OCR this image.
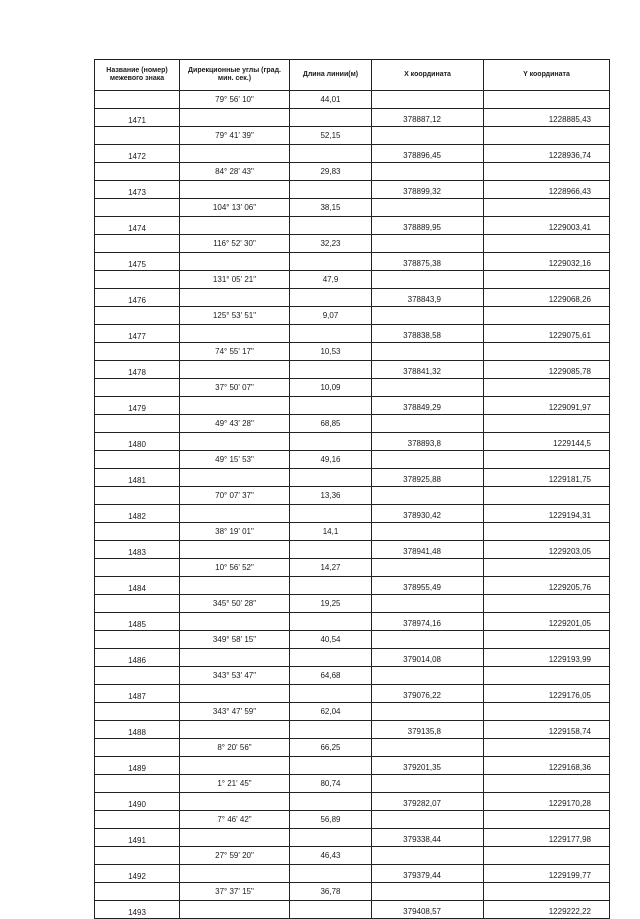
Название (номер) межевого знака	Дирекционные углы (град. мин. сек.)	Длина линии(м)	X координата	Y координата
	79° 56' 10"	44,01		
1471			378887,12	1228885,43
	79° 41' 39"	52,15		
1472			378896,45	1228936,74
	84° 28' 43"	29,83		
1473			378899,32	1228966,43
	104° 13' 06"	38,15		
1474			378889,95	1229003,41
	116° 52' 30"	32,23		
1475			378875,38	1229032,16
	131° 05' 21"	47,9		
1476			378843,9	1229068,26
	125° 53' 51"	9,07		
1477			378838,58	1229075,61
	74° 55' 17"	10,53		
1478			378841,32	1229085,78
	37° 50' 07"	10,09		
1479			378849,29	1229091,97
	49° 43' 28"	68,85		
1480			378893,8	1229144,5
	49° 15' 53"	49,16		
1481			378925,88	1229181,75
	70° 07' 37"	13,36		
1482			378930,42	1229194,31
	38° 19' 01"	14,1		
1483			378941,48	1229203,05
	10° 56' 52"	14,27		
1484			378955,49	1229205,76
	345° 50' 28"	19,25		
1485			378974,16	1229201,05
	349° 58' 15"	40,54		
1486			379014,08	1229193,99
	343° 53' 47"	64,68		
1487			379076,22	1229176,05
	343° 47' 59"	62,04		
1488			379135,8	1229158,74
	8° 20' 56"	66,25		
1489			379201,35	1229168,36
	1° 21' 45"	80,74		
1490			379282,07	1229170,28
	7° 46' 42"	56,89		
1491			379338,44	1229177,98
	27° 59' 20"	46,43		
1492			379379,44	1229199,77
	37° 37' 15"	36,78		
1493			379408,57	1229222,22
